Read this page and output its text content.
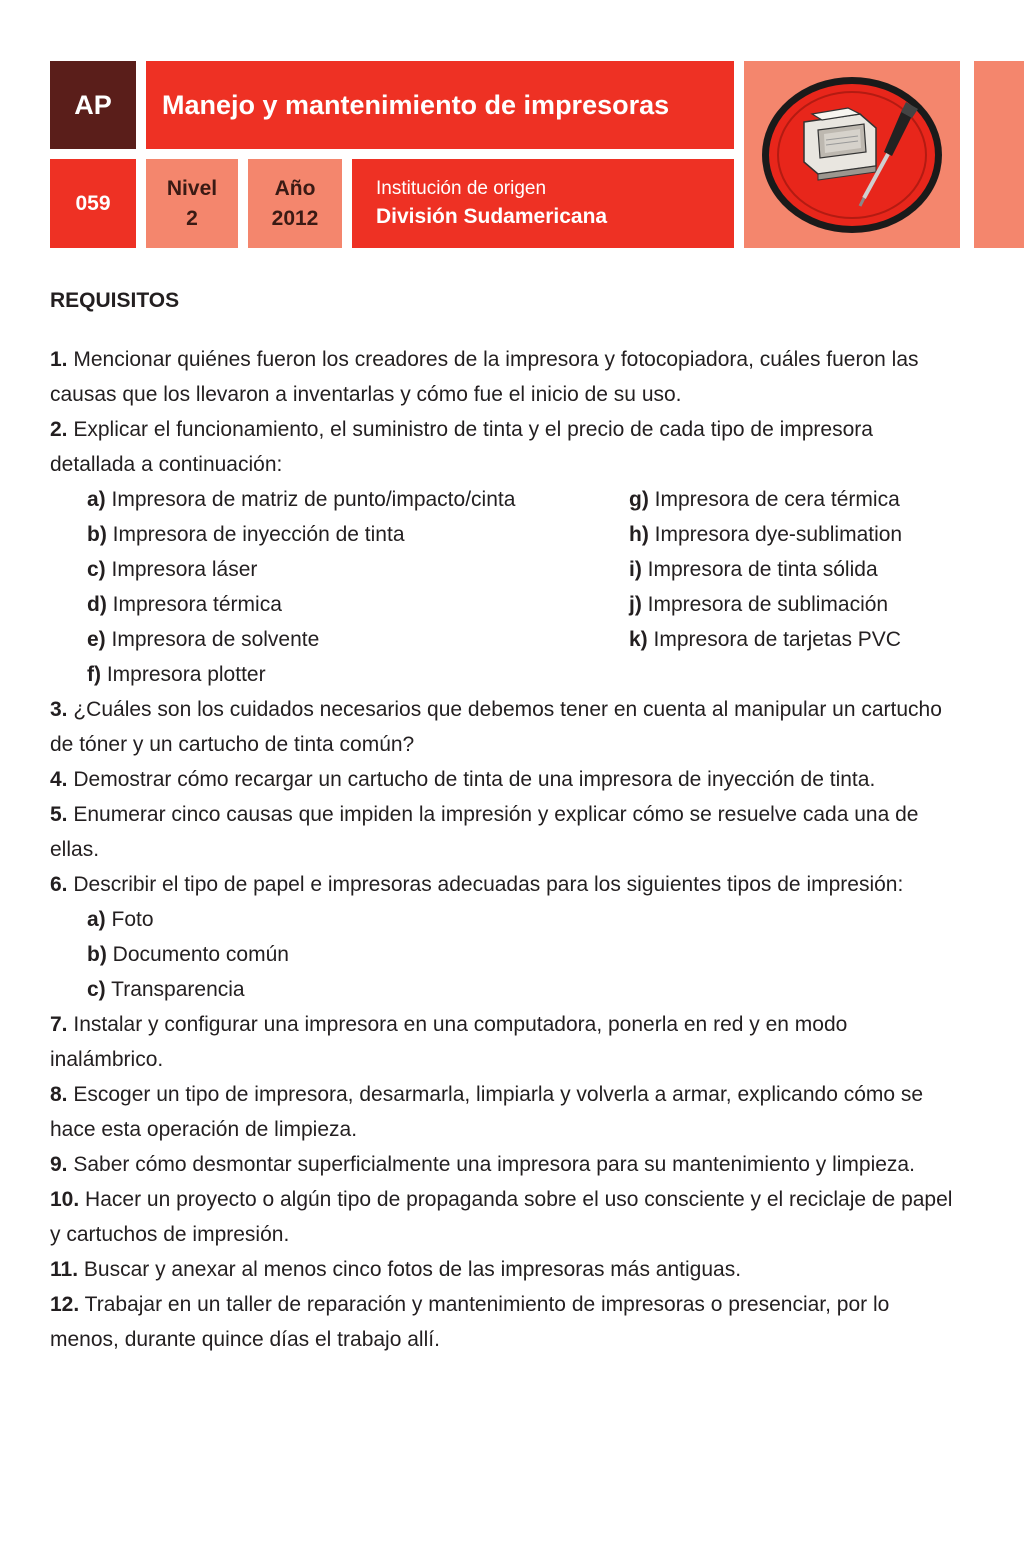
AP	Manejo y mantenimiento de impresoras
059
Nivel
2
Año
2012
Institución de origen
División Sudamericana
REQUISITOS

1. Mencionar quiénes fueron los creadores de la impresora y fotocopiadora, cuáles fueron las causas que los llevaron a inventarlas y cómo fue el inicio de su uso.

2. Explicar el funcionamiento, el suministro de tinta y el precio de cada tipo de impresora detallada a continuación:

a) Impresora de matriz de punto/impacto/cinta	g) Impresora de cera térmica
b) Impresora de inyección de tinta	h) Impresora dye-sublimation
c) Impresora láser	i) Impresora de tinta sólida
d) Impresora térmica	j) Impresora de sublimación
e) Impresora de solvente	k) Impresora de tarjetas PVC
f) Impresora plotter

3. ¿Cuáles son los cuidados necesarios que debemos tener en cuenta al manipular un cartucho de tóner y un cartucho de tinta común?

4. Demostrar cómo recargar un cartucho de tinta de una impresora de inyección de tinta.

5. Enumerar cinco causas que impiden la impresión y explicar cómo se resuelve cada una de ellas.

6. Describir el tipo de papel e impresoras adecuadas para los siguientes tipos de impresión:

a) Foto
b) Documento común
c) Transparencia

7. Instalar y configurar una impresora en una computadora, ponerla en red y en modo inalámbrico.

8. Escoger un tipo de impresora, desarmarla, limpiarla y volverla a armar, explicando cómo se hace esta operación de limpieza.

9. Saber cómo desmontar superficialmente una impresora para su mantenimiento y limpieza.

10. Hacer un proyecto o algún tipo de propaganda sobre el uso consciente y el reciclaje de papel y cartuchos de impresión.

11. Buscar y anexar al menos cinco fotos de las impresoras más antiguas.

12. Trabajar en un taller de reparación y mantenimiento de impresoras o presenciar, por lo menos, durante quince días el trabajo allí.
